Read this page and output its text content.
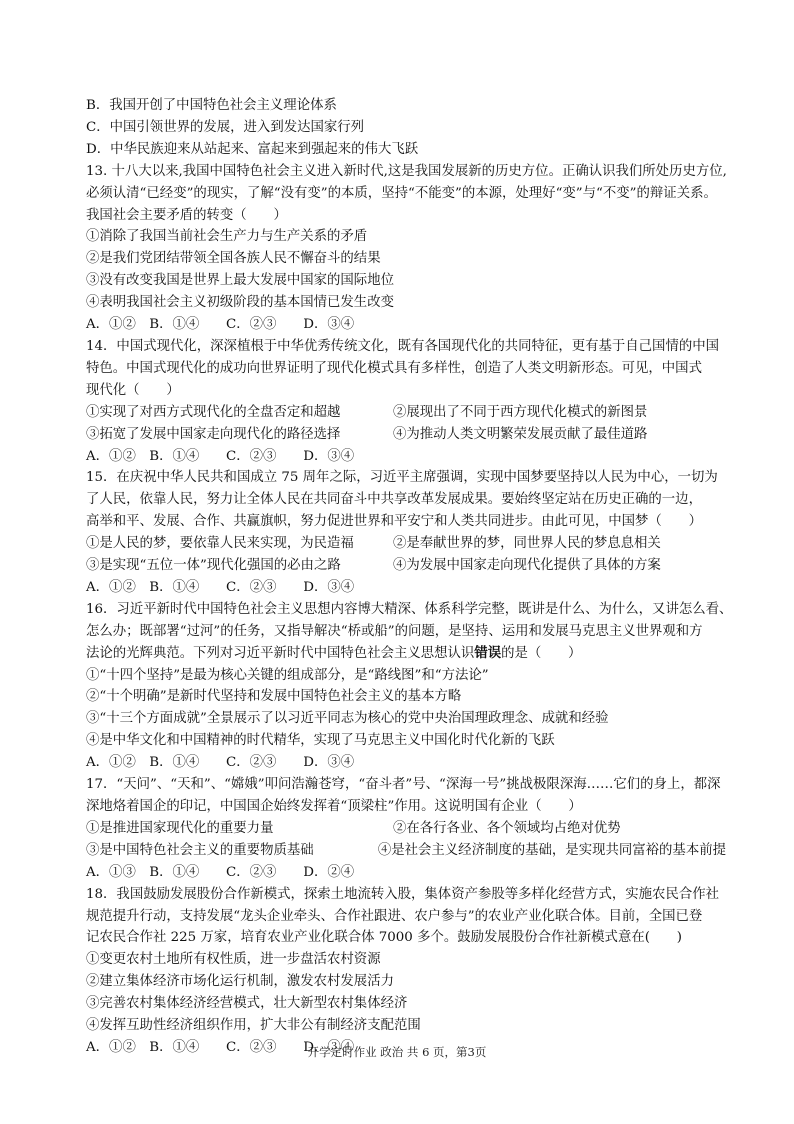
B．我国开创了中国特色社会主义理论体系
C．中国引领世界的发展，进入到发达国家行列
D．中华民族迎来从站起来、富起来到强起来的伟大飞跃
13. 十八大以来,我国中国特色社会主义进入新时代,这是我国发展新的历史方位。正确认识我们所处历史方位,
必须认清“已经变”的现实，了解“没有变”的本质，坚持“不能变”的本源，处理好“变”与“不变”的辩证关系。
我国社会主要矛盾的转变（　　）
①消除了我国当前社会生产力与生产关系的矛盾
②是我们党团结带领全国各族人民不懈奋斗的结果
③没有改变我国是世界上最大发展中国家的国际地位
④表明我国社会主义初级阶段的基本国情已发生改变
A．①②　B．①④　　C．②③　　D．③④
14．中国式现代化，深深植根于中华优秀传统文化，既有各国现代化的共同特征，更有基于自己国情的中国
特色。中国式现代化的成功向世界证明了现代化模式具有多样性，创造了人类文明新形态。可见，中国式
现代化（　　）
①实现了对西方式现代化的全盘否定和超越	②展现出了不同于西方现代化模式的新图景
③拓宽了发展中国家走向现代化的路径选择	④为推动人类文明繁荣发展贡献了最佳道路
A．①②　B．①④　　C．②③　　D．③④
15．在庆祝中华人民共和国成立 75 周年之际，习近平主席强调，实现中国梦要坚持以人民为中心，一切为
了人民，依靠人民，努力让全体人民在共同奋斗中共享改革发展成果。要始终坚定站在历史正确的一边，
高举和平、发展、合作、共赢旗帜，努力促进世界和平安宁和人类共同进步。由此可见，中国梦（　　）
①是人民的梦，要依靠人民来实现，为民造福	②是奉献世界的梦，同世界人民的梦息息相关
③是实现“五位一体”现代化强国的必由之路	④为发展中国家走向现代化提供了具体的方案
A．①②　B．①④　　C．②③　　D．③④
16．习近平新时代中国特色社会主义思想内容博大精深、体系科学完整，既讲是什么、为什么，又讲怎么看、
怎么办；既部署“过河”的任务，又指导解决“桥或船”的问题，是坚持、运用和发展马克思主义世界观和方
法论的光辉典范。下列对习近平新时代中国特色社会主义思想认识错误的是（　　）
①“十四个坚持”是最为核心关键的组成部分，是“路线图”和“方法论”
②“十个明确”是新时代坚持和发展中国特色社会主义的基本方略
③“十三个方面成就”全景展示了以习近平同志为核心的党中央治国理政理念、成就和经验
④是中华文化和中国精神的时代精华，实现了马克思主义中国化时代化新的飞跃
A．①②　B．①④　　C．②③　　D．③④
17．“天问”、“天和”、“嫦娥”叩问浩瀚苍穹，“奋斗者”号、“深海一号”挑战极限深海……它们的身上，都深
深地烙着国企的印记，中国国企始终发挥着“顶梁柱”作用。这说明国有企业（　　）
①是推进国家现代化的重要力量	②在各行各业、各个领域均占绝对优势
③是中国特色社会主义的重要物质基础	④是社会主义经济制度的基础，是实现共同富裕的基本前提
A．①③　B．①④　　C．②③　　D．②④
18．我国鼓励发展股份合作新模式，探索土地流转入股，集体资产参股等多样化经营方式，实施农民合作社
规范提升行动，支持发展“龙头企业牵头、合作社跟进、农户参与”的农业产业化联合体。目前，全国已登
记农民合作社 225 万家，培育农业产业化联合体 7000 多个。鼓励发展股份合作社新模式意在(　　)
①变更农村土地所有权性质，进一步盘活农村资源
②建立集体经济市场化运行机制，激发农村发展活力
③完善农村集体经济经营模式，壮大新型农村集体经济
④发挥互助性经济组织作用，扩大非公有制经济支配范围
A．①②　B．①④　　C．②③　　D．③④
开学定时作业 政治 共 6 页，第3页
